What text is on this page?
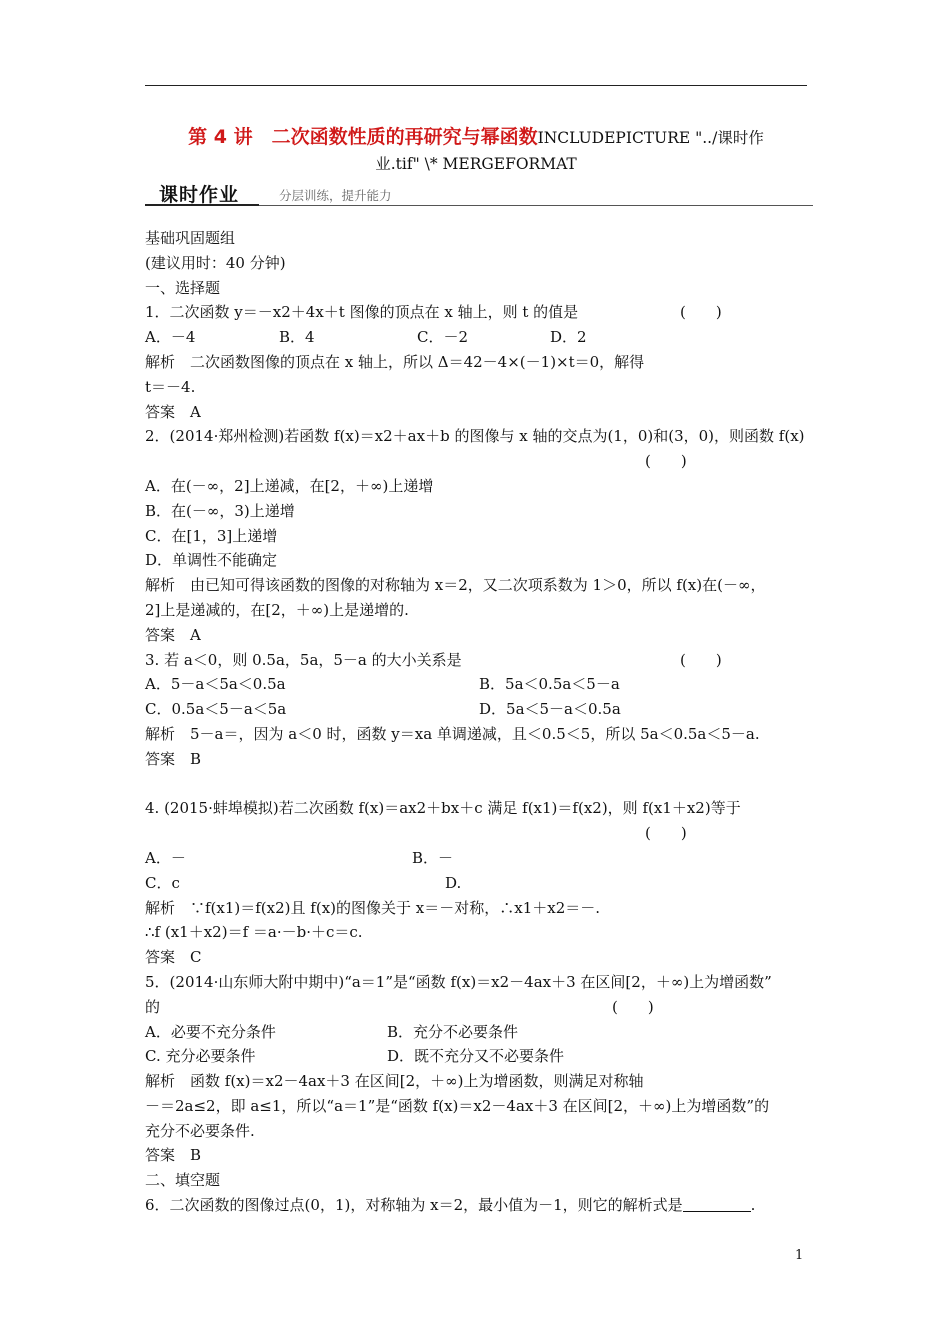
第 4 讲　二次函数性质的再研究与幂函数INCLUDEPICTURE "../课时作
业.tif" \* MERGEFORMAT
课时作业	分层训练，提升能力
基础巩固题组
(建议用时：40 分钟)
一、选择题
1．二次函数 y＝－x2＋4x＋t 图像的顶点在 x 轴上，则 t 的值是	(　　)
A．－4	B．4	C．－2	D．2
解析　二次函数图像的顶点在 x 轴上，所以 Δ＝42－4×(－1)×t＝0，解得
t＝－4.
答案　A
2．(2014·郑州检测)若函数 f(x)＝x2＋ax＋b 的图像与 x 轴的交点为(1，0)和(3，0)，则函数 f(x)
(　　)
A．在(－∞，2]上递减，在[2，＋∞)上递增
B．在(－∞，3)上递增
C．在[1，3]上递增
D．单调性不能确定
解析　由已知可得该函数的图像的对称轴为 x＝2，又二次项系数为 1＞0，所以 f(x)在(－∞，
2]上是递减的，在[2，＋∞)上是递增的.
答案　A
3. 若 a＜0，则 0.5a，5a，5－a 的大小关系是	(　　)
A．5－a＜5a＜0.5a	B．5a＜0.5a＜5－a
C．0.5a＜5－a＜5a	D．5a＜5－a＜0.5a
解析　5－a＝，因为 a＜0 时，函数 y＝xa 单调递减，且＜0.5＜5，所以 5a＜0.5a＜5－a.
答案　B
4. (2015·蚌埠模拟)若二次函数 f(x)＝ax2＋bx＋c 满足 f(x1)＝f(x2)，则 f(x1＋x2)等于
(　　)
A．－	B．－
C．c	D.
解析　∵f(x1)＝f(x2)且 f(x)的图像关于 x＝－对称，∴x1＋x2＝－.
∴f (x1＋x2)＝f ＝a·－b·＋c＝c.
答案　C
5．(2014·山东师大附中期中)“a＝1”是“函数 f(x)＝x2－4ax＋3 在区间[2，＋∞)上为增函数”
的	(　　)
A．必要不充分条件	B．充分不必要条件
C. 充分必要条件	D．既不充分又不必要条件
解析　函数 f(x)＝x2－4ax＋3 在区间[2，＋∞)上为增函数，则满足对称轴
－＝2a≤2，即 a≤1，所以“a＝1”是“函数 f(x)＝x2－4ax＋3 在区间[2，＋∞)上为增函数”的
充分不必要条件.
答案　B
二、填空题
6．二次函数的图像过点(0，1)，对称轴为 x＝2，最小值为－1，则它的解析式是	.
1
